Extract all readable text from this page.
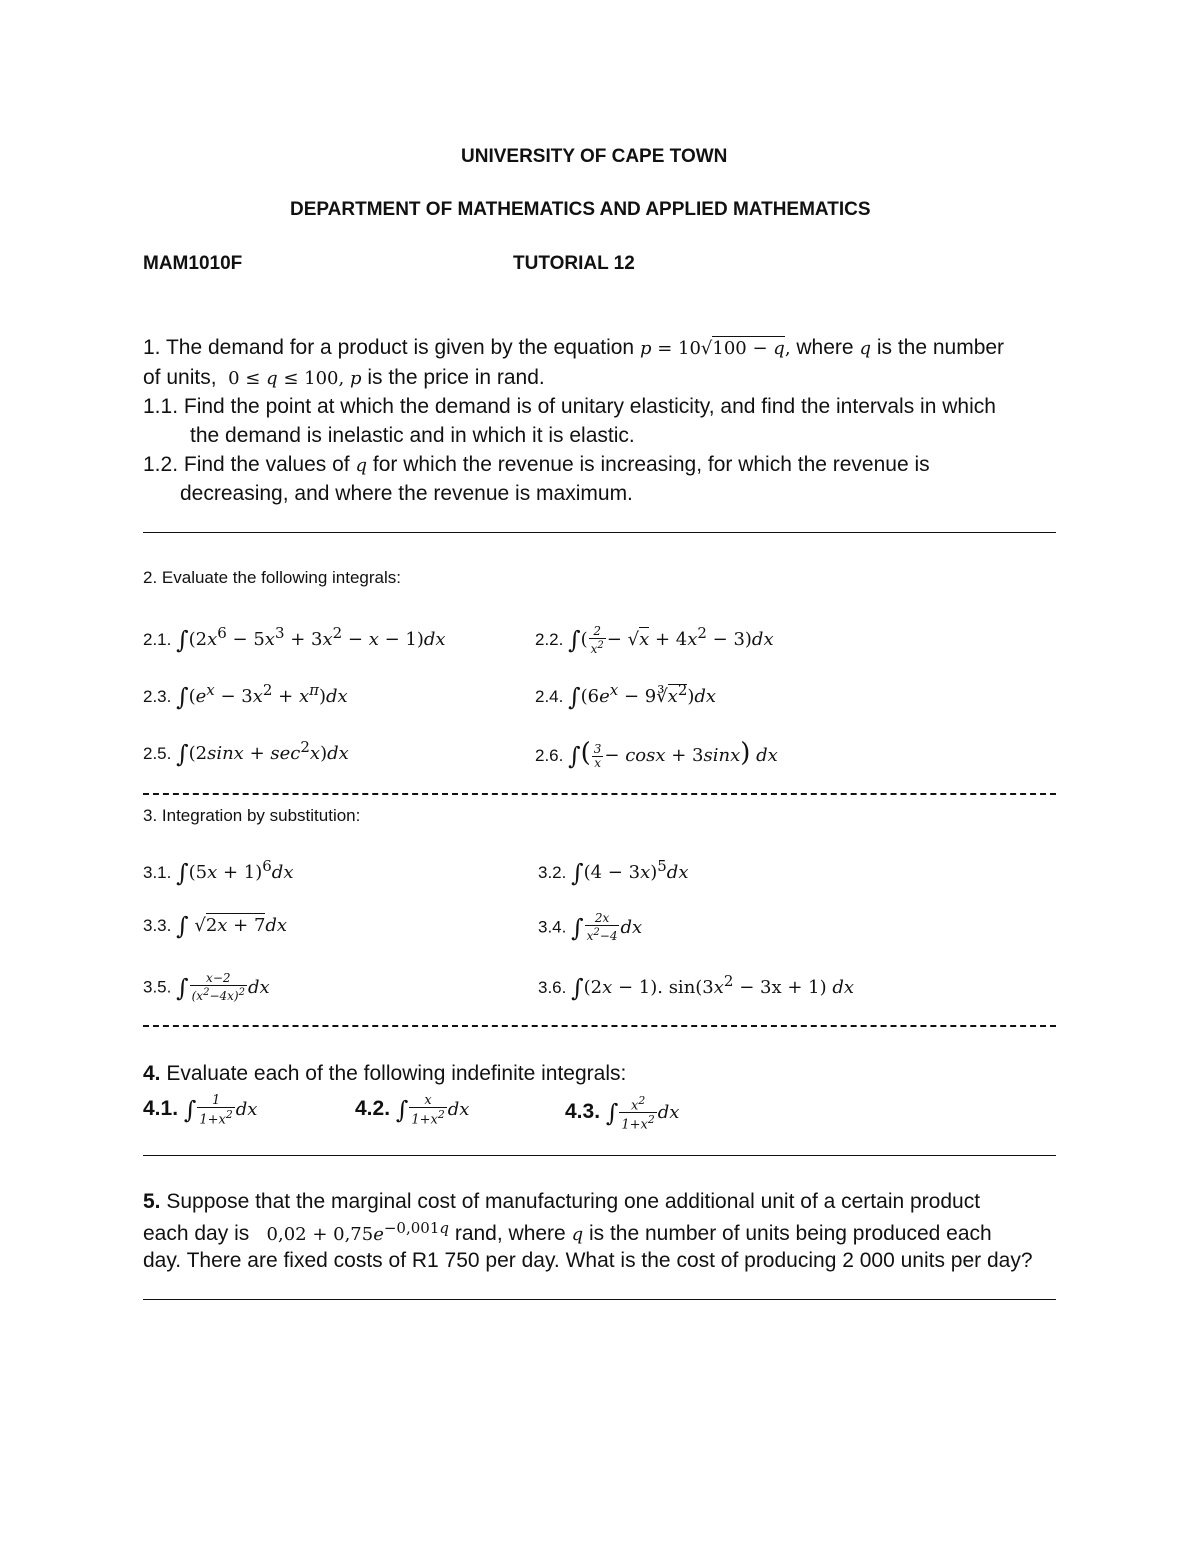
UNIVERSITY OF CAPE TOWN
DEPARTMENT OF MATHEMATICS AND APPLIED MATHEMATICS
MAM1010F	TUTORIAL 12
1. The demand for a product is given by the equation p = 10√100 − q, where q is the number
of units,  0 ≤ q ≤ 100, p is the price in rand.
1.1. Find the point at which the demand is of unitary elasticity, and find the intervals in which
the demand is inelastic and in which it is elastic.
1.2. Find the values of q for which the revenue is increasing, for which the revenue is
decreasing, and where the revenue is maximum.
2. Evaluate the following integrals:
2.1. $\int(2x^6 - 5x^3 + 3x^2 - x - 1)dx$	2.2. ∫( $\frac{2}{x^2} - √x + 4x^2 - 3)dx$
2.3. $\int(e^x - 3x^2 + x^\pi)dx$	2.4. $\int(6e^x$ − $9∛x^2)dx$
2.5. $\int(2\sin x + \sec^2x)dx$	2.6. ∫( $\frac{3}{x} - \cos x + 3\sin x$) dx
3. Integration by substitution:
3.1. $\int(5x + 1)^6dx$	3.2. $\int(4 - 3x)^5dx$
3.3. ∫ √2x + 7dx	3.4. ∫ $\frac{2x}{x^2-4}$ dx
3.5. ∫ $\frac{x-2}{(x^2-4x)^2}$ dx	3.6. ∫(2x − 1). $\sin(3x^2 - 3x + 1)$ dx
4. Evaluate each of the following indefinite integrals:
4.1. ∫ $\frac{1}{1+x^2}$ dx	4.2. ∫ $\frac{x}{1+x^2}$ dx	4.3. ∫ $\frac{x^2}{1+x^2}$ dx
5. Suppose that the marginal cost of manufacturing one additional unit of a certain product
each day is   $0,02 + 0,75e^{-0,001q}$ rand, where q is the number of units being produced each
day. There are fixed costs of R1 750 per day. What is the cost of producing 2 000 units per day?
